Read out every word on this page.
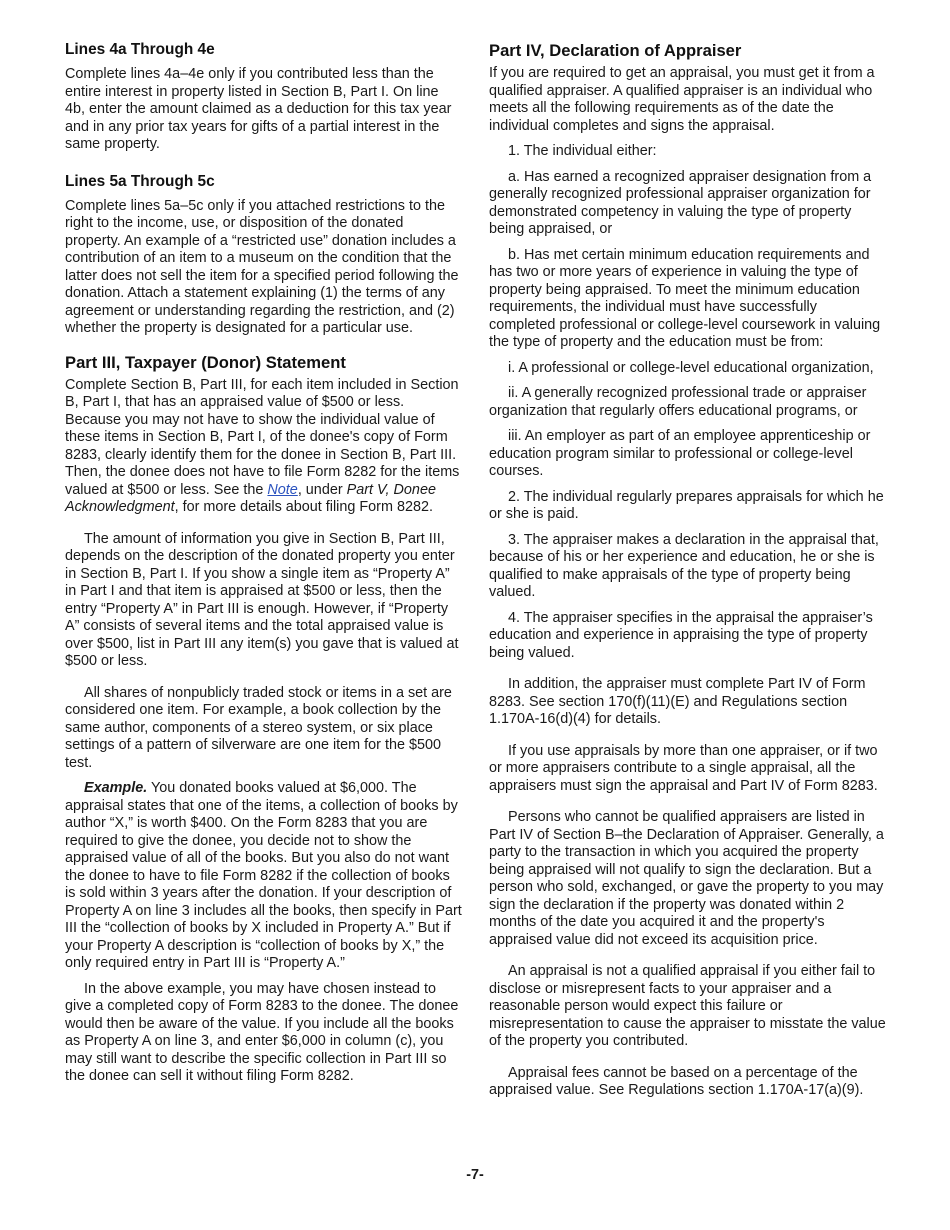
Lines 4a Through 4e

Complete lines 4a–4e only if you contributed less than the entire interest in property listed in Section B, Part I. On line 4b, enter the amount claimed as a deduction for this tax year and in any prior tax years for gifts of a partial interest in the same property.

Lines 5a Through 5c

Complete lines 5a–5c only if you attached restrictions to the right to the income, use, or disposition of the donated property. An example of a “restricted use” donation includes a contribution of an item to a museum on the condition that the latter does not sell the item for a specified period following the donation. Attach a statement explaining (1) the terms of any agreement or understanding regarding the restriction, and (2) whether the property is designated for a particular use.

Part III, Taxpayer (Donor) Statement

Complete Section B, Part III, for each item included in Section B, Part I, that has an appraised value of $500 or less. Because you may not have to show the individual value of these items in Section B, Part I, of the donee's copy of Form 8283, clearly identify them for the donee in Section B, Part III. Then, the donee does not have to file Form 8282 for the items valued at $500 or less. See the Note, under Part V, Donee Acknowledgment, for more details about filing Form 8282.

The amount of information you give in Section B, Part III, depends on the description of the donated property you enter in Section B, Part I. If you show a single item as “Property A” in Part I and that item is appraised at $500 or less, then the entry “Property A” in Part III is enough. However, if “Property A” consists of several items and the total appraised value is over $500, list in Part III any item(s) you gave that is valued at $500 or less.

All shares of nonpublicly traded stock or items in a set are considered one item. For example, a book collection by the same author, components of a stereo system, or six place settings of a pattern of silverware are one item for the $500 test.

Example. You donated books valued at $6,000. The appraisal states that one of the items, a collection of books by author “X,” is worth $400. On the Form 8283 that you are required to give the donee, you decide not to show the appraised value of all of the books. But you also do not want the donee to have to file Form 8282 if the collection of books is sold within 3 years after the donation. If your description of Property A on line 3 includes all the books, then specify in Part III the “collection of books by X included in Property A.” But if your Property A description is “collection of books by X,” the only required entry in Part III is “Property A.”

In the above example, you may have chosen instead to give a completed copy of Form 8283 to the donee. The donee would then be aware of the value. If you include all the books as Property A on line 3, and enter $6,000 in column (c), you may still want to describe the specific collection in Part III so the donee can sell it without filing Form 8282.

Part IV, Declaration of Appraiser

If you are required to get an appraisal, you must get it from a qualified appraiser. A qualified appraiser is an individual who meets all the following requirements as of the date the individual completes and signs the appraisal.

1. The individual either:

a. Has earned a recognized appraiser designation from a generally recognized professional appraiser organization for demonstrated competency in valuing the type of property being appraised, or

b. Has met certain minimum education requirements and has two or more years of experience in valuing the type of property being appraised. To meet the minimum education requirements, the individual must have successfully completed professional or college-level coursework in valuing the type of property and the education must be from:

i. A professional or college-level educational organization,

ii. A generally recognized professional trade or appraiser organization that regularly offers educational programs, or

iii. An employer as part of an employee apprenticeship or education program similar to professional or college-level courses.

2. The individual regularly prepares appraisals for which he or she is paid.

3. The appraiser makes a declaration in the appraisal that, because of his or her experience and education, he or she is qualified to make appraisals of the type of property being valued.

4. The appraiser specifies in the appraisal the appraiser’s education and experience in appraising the type of property being valued.

In addition, the appraiser must complete Part IV of Form 8283. See section 170(f)(11)(E) and Regulations section 1.170A-16(d)(4) for details.

If you use appraisals by more than one appraiser, or if two or more appraisers contribute to a single appraisal, all the appraisers must sign the appraisal and Part IV of Form 8283.

Persons who cannot be qualified appraisers are listed in Part IV of Section B–the Declaration of Appraiser. Generally, a party to the transaction in which you acquired the property being appraised will not qualify to sign the declaration. But a person who sold, exchanged, or gave the property to you may sign the declaration if the property was donated within 2 months of the date you acquired it and the property's appraised value did not exceed its acquisition price.

An appraisal is not a qualified appraisal if you either fail to disclose or misrepresent facts to your appraiser and a reasonable person would expect this failure or misrepresentation to cause the appraiser to misstate the value of the property you contributed.

Appraisal fees cannot be based on a percentage of the appraised value. See Regulations section 1.170A-17(a)(9).

-7-
